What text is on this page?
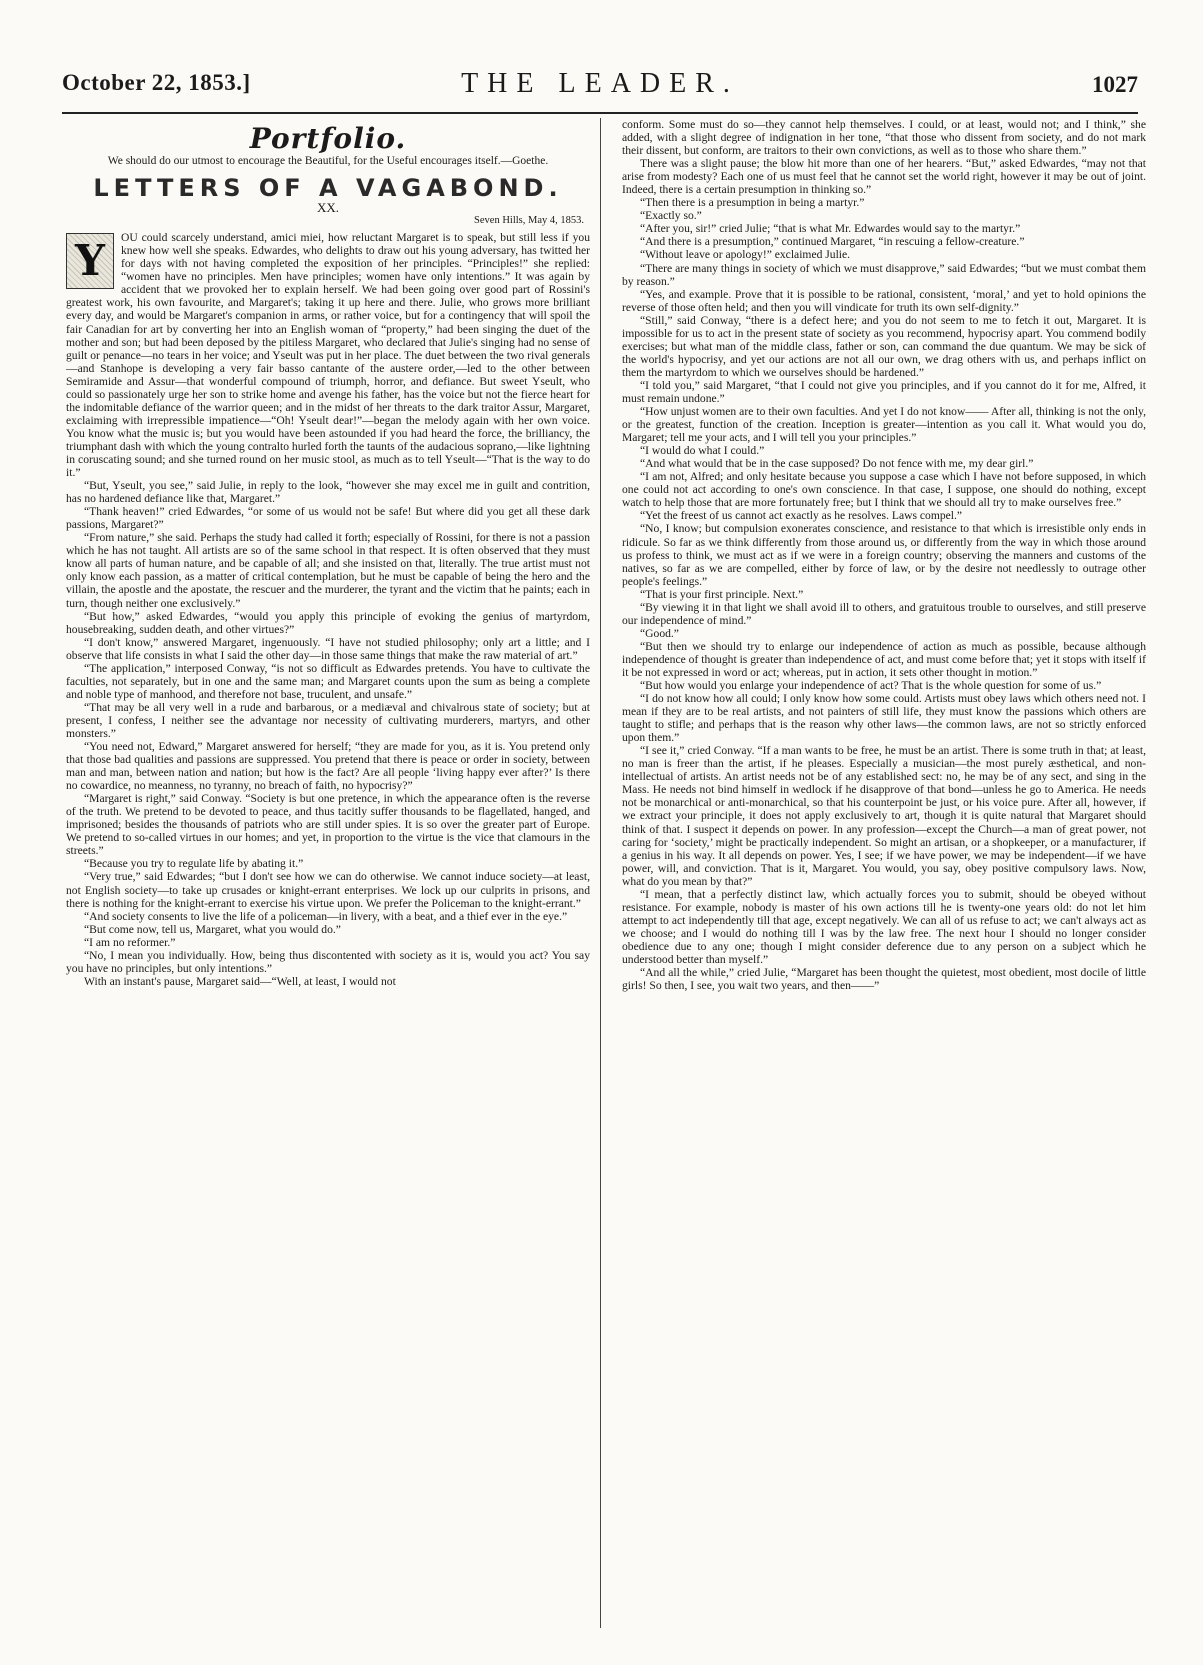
October 22, 1853.]	THE LEADER.	1027
Portfolio.
We should do our utmost to encourage the Beautiful, for the Useful encourages itself.—Goethe.
LETTERS OF A VAGABOND.
XX.
Seven Hills, May 4, 1853.
Y	OU could scarcely understand, amici miei, how reluctant Margaret is to speak, but still less if you knew how well she speaks. Edwardes, who delights to draw out his young adversary, has twitted her for days with not having completed the exposition of her principles. “Principles!” she replied: “women have no principles. Men have principles; women have only intentions.” It was again by accident that we provoked her to explain herself. We had been going over good part of Rossini's greatest work, his own favourite, and Margaret's; taking it up here and there. Julie, who grows more brilliant every day, and would be Margaret's companion in arms, or rather voice, but for a contingency that will spoil the fair Canadian for art by converting her into an English woman of “property,” had been singing the duet of the mother and son; but had been deposed by the pitiless Margaret, who declared that Julie's singing had no sense of guilt or penance—no tears in her voice; and Yseult was put in her place. The duet between the two rival generals—and Stanhope is developing a very fair basso cantante of the austere order,—led to the other between Semiramide and Assur—that wonderful compound of triumph, horror, and defiance. But sweet Yseult, who could so passionately urge her son to strike home and avenge his father, has the voice but not the fierce heart for the indomitable defiance of the warrior queen; and in the midst of her threats to the dark traitor Assur, Margaret, exclaiming with irrepressible impatience—“Oh! Yseult dear!”—began the melody again with her own voice. You know what the music is; but you would have been astounded if you had heard the force, the brilliancy, the triumphant dash with which the young contralto hurled forth the taunts of the audacious soprano,—like lightning in coruscating sound; and she turned round on her music stool, as much as to tell Yseult—“That is the way to do it.”

“But, Yseult, you see,” said Julie, in reply to the look, “however she may excel me in guilt and contrition, has no hardened defiance like that, Margaret.”

“Thank heaven!” cried Edwardes, “or some of us would not be safe! But where did you get all these dark passions, Margaret?”

“From nature,” she said. Perhaps the study had called it forth; especially of Rossini, for there is not a passion which he has not taught. All artists are so of the same school in that respect. It is often observed that they must know all parts of human nature, and be capable of all; and she insisted on that, literally. The true artist must not only know each passion, as a matter of critical contemplation, but he must be capable of being the hero and the villain, the apostle and the apostate, the rescuer and the murderer, the tyrant and the victim that he paints; each in turn, though neither one exclusively.”

“But how,” asked Edwardes, “would you apply this principle of evoking the genius of martyrdom, housebreaking, sudden death, and other virtues?”

“I don't know,” answered Margaret, ingenuously. “I have not studied philosophy; only art a little; and I observe that life consists in what I said the other day—in those same things that make the raw material of art.”

“The application,” interposed Conway, “is not so difficult as Edwardes pretends. You have to cultivate the faculties, not separately, but in one and the same man; and Margaret counts upon the sum as being a complete and noble type of manhood, and therefore not base, truculent, and unsafe.”

“That may be all very well in a rude and barbarous, or a mediæval and chivalrous state of society; but at present, I confess, I neither see the advantage nor necessity of cultivating murderers, martyrs, and other monsters.”

“You need not, Edward,” Margaret answered for herself; “they are made for you, as it is. You pretend only that those bad qualities and passions are suppressed. You pretend that there is peace or order in society, between man and man, between nation and nation; but how is the fact? Are all people ‘living happy ever after?’ Is there no cowardice, no meanness, no tyranny, no breach of faith, no hypocrisy?”

“Margaret is right,” said Conway. “Society is but one pretence, in which the appearance often is the reverse of the truth. We pretend to be devoted to peace, and thus tacitly suffer thousands to be flagellated, hanged, and imprisoned; besides the thousands of patriots who are still under spies. It is so over the greater part of Europe. We pretend to so-called virtues in our homes; and yet, in proportion to the virtue is the vice that clamours in the streets.”

“Because you try to regulate life by abating it.”

“Very true,” said Edwardes; “but I don't see how we can do otherwise. We cannot induce society—at least, not English society—to take up crusades or knight-errant enterprises. We lock up our culprits in prisons, and there is nothing for the knight-errant to exercise his virtue upon. We prefer the Policeman to the knight-errant.”

“And society consents to live the life of a policeman—in livery, with a beat, and a thief ever in the eye.”

“But come now, tell us, Margaret, what you would do.”

“I am no reformer.”

“No, I mean you individually. How, being thus discontented with society as it is, would you act? You say you have no principles, but only intentions.”

With an instant's pause, Margaret said—“Well, at least, I would not

conform. Some must do so—they cannot help themselves. I could, or at least, would not; and I think,” she added, with a slight degree of indignation in her tone, “that those who dissent from society, and do not mark their dissent, but conform, are traitors to their own convictions, as well as to those who share them.”

There was a slight pause; the blow hit more than one of her hearers. “But,” asked Edwardes, “may not that arise from modesty? Each one of us must feel that he cannot set the world right, however it may be out of joint. Indeed, there is a certain presumption in thinking so.”

“Then there is a presumption in being a martyr.”

“Exactly so.”

“After you, sir!” cried Julie; “that is what Mr. Edwardes would say to the martyr.”

“And there is a presumption,” continued Margaret, “in rescuing a fellow-creature.”

“Without leave or apology!” exclaimed Julie.

“There are many things in society of which we must disapprove,” said Edwardes; “but we must combat them by reason.”

“Yes, and example. Prove that it is possible to be rational, consistent, ‘moral,’ and yet to hold opinions the reverse of those often held; and then you will vindicate for truth its own self-dignity.”

“Still,” said Conway, “there is a defect here; and you do not seem to me to fetch it out, Margaret. It is impossible for us to act in the present state of society as you recommend, hypocrisy apart. You commend bodily exercises; but what man of the middle class, father or son, can command the due quantum. We may be sick of the world's hypocrisy, and yet our actions are not all our own, we drag others with us, and perhaps inflict on them the martyrdom to which we ourselves should be hardened.”

“I told you,” said Margaret, “that I could not give you principles, and if you cannot do it for me, Alfred, it must remain undone.”

“How unjust women are to their own faculties. And yet I do not know—— After all, thinking is not the only, or the greatest, function of the creation. Inception is greater—intention as you call it. What would you do, Margaret; tell me your acts, and I will tell you your principles.”

“I would do what I could.”

“And what would that be in the case supposed? Do not fence with me, my dear girl.”

“I am not, Alfred; and only hesitate because you suppose a case which I have not before supposed, in which one could not act according to one's own conscience. In that case, I suppose, one should do nothing, except watch to help those that are more fortunately free; but I think that we should all try to make ourselves free.”

“Yet the freest of us cannot act exactly as he resolves. Laws compel.”

“No, I know; but compulsion exonerates conscience, and resistance to that which is irresistible only ends in ridicule. So far as we think differently from those around us, or differently from the way in which those around us profess to think, we must act as if we were in a foreign country; observing the manners and customs of the natives, so far as we are compelled, either by force of law, or by the desire not needlessly to outrage other people's feelings.”

“That is your first principle. Next.”

“By viewing it in that light we shall avoid ill to others, and gratuitous trouble to ourselves, and still preserve our independence of mind.”

“Good.”

“But then we should try to enlarge our independence of action as much as possible, because although independence of thought is greater than independence of act, and must come before that; yet it stops with itself if it be not expressed in word or act; whereas, put in action, it sets other thought in motion.”

“But how would you enlarge your independence of act? That is the whole question for some of us.”

“I do not know how all could; I only know how some could. Artists must obey laws which others need not. I mean if they are to be real artists, and not painters of still life, they must know the passions which others are taught to stifle; and perhaps that is the reason why other laws—the common laws, are not so strictly enforced upon them.”

“I see it,” cried Conway. “If a man wants to be free, he must be an artist. There is some truth in that; at least, no man is freer than the artist, if he pleases. Especially a musician—the most purely æsthetical, and non-intellectual of artists. An artist needs not be of any established sect: no, he may be of any sect, and sing in the Mass. He needs not bind himself in wedlock if he disapprove of that bond—unless he go to America. He needs not be monarchical or anti-monarchical, so that his counterpoint be just, or his voice pure. After all, however, if we extract your principle, it does not apply exclusively to art, though it is quite natural that Margaret should think of that. I suspect it depends on power. In any profession—except the Church—a man of great power, not caring for ‘society,’ might be practically independent. So might an artisan, or a shopkeeper, or a manufacturer, if a genius in his way. It all depends on power. Yes, I see; if we have power, we may be independent—if we have power, will, and conviction. That is it, Margaret. You would, you say, obey positive compulsory laws. Now, what do you mean by that?”

“I mean, that a perfectly distinct law, which actually forces you to submit, should be obeyed without resistance. For example, nobody is master of his own actions till he is twenty-one years old: do not let him attempt to act independently till that age, except negatively. We can all of us refuse to act; we can't always act as we choose; and I would do nothing till I was by the law free. The next hour I should no longer consider obedience due to any one; though I might consider deference due to any person on a subject which he understood better than myself.”

“And all the while,” cried Julie, “Margaret has been thought the quietest, most obedient, most docile of little girls! So then, I see, you wait two years, and then——”
